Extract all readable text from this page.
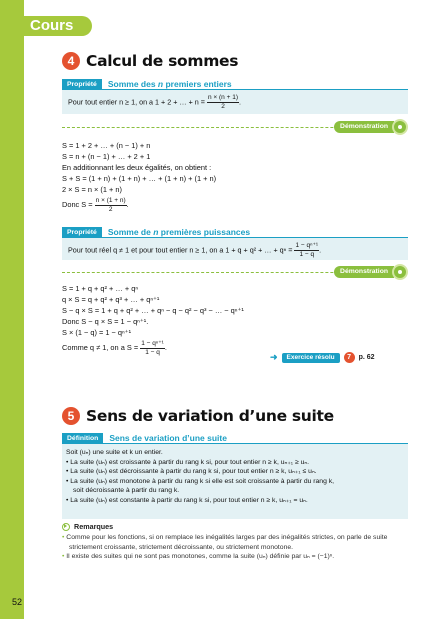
Cours
52
4 Calcul de sommes
Propriété	Somme des n premiers entiers
Pour tout entier n ≥ 1, on a 1 + 2 + … + $n = \frac{n \times (n + 1)}{2}$ .
Démonstration
S = 1 + 2 + … + (n − 1) + n
S = n + (n − 1) + … + 2 + 1
En additionnant les deux égalités, on obtient :
S + S = (1 + n) + (1 + n) + … + (1 + n) + (1 + n)
2 × S = n × (1 + n)
Donc $S = \frac{n \times (1 + n)}{2}$ .
Propriété	Somme de n premières puissances
Pour tout réel q ≠ 1 et pour tout entier n ≥ 1, on a 1 + q + q² + … + $q^n = \frac{\text{1 − qⁿ⁺¹}}{1 - q}$ .
Démonstration
S = 1 + q + q² + … + qⁿ
q × S = q + q² + q³ + … + qⁿ⁺¹
S − q × S = 1 + q + q² + … + qⁿ − q − q² − q³ − … − qⁿ⁺¹
Donc S − q × S = 1 − qⁿ⁺¹.
S × (1 − q) = 1 − qⁿ⁺¹
Comme q ≠ 1, on a $S = \frac{\text{1 − qⁿ⁺¹}}{1 - q}$ .
➜	Exercice résolu	7	p. 62
5 Sens de variation d’une suite
Définition	Sens de variation d’une suite
Soit (uₙ) une suite et k un entier.
• La suite (uₙ) est croissante à partir du rang k si, pour tout entier n ≥ k, uₙ₊₁ ≥ uₙ.
• La suite (uₙ) est décroissante à partir du rang k si, pour tout entier n ≥ k, uₙ₊₁ ≤ uₙ.
• La suite (uₙ) est monotone à partir du rang k si elle est soit croissante à partir du rang k,
soit décroissante à partir du rang k.
• La suite (uₙ) est constante à partir du rang k si, pour tout entier n ≥ k, uₙ₊₁ = uₙ.
Remarques
• Comme pour les fonctions, si on remplace les inégalités larges par des inégalités strictes, on parle de suite
strictement croissante, strictement décroissante, ou strictement monotone.
• Il existe des suites qui ne sont pas monotones, comme la suite (uₙ) définie par uₙ = (−1)ⁿ.
